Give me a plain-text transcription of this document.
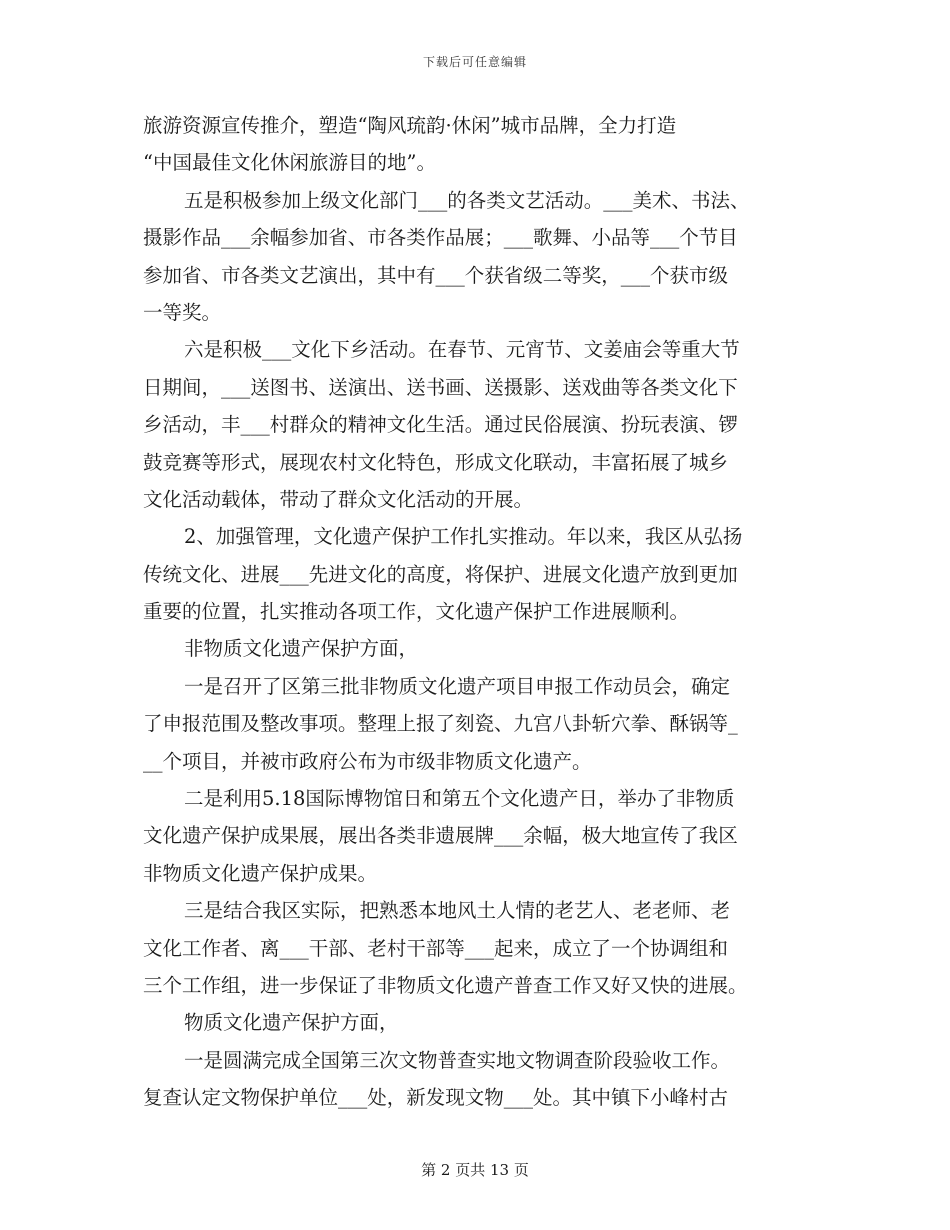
下载后可任意编辑
旅游资源宣传推介，塑造“陶风琉韵·休闲”城市品牌，全力打造
“中国最佳文化休闲旅游目的地”。
五是积极参加上级文化部门___的各类文艺活动。___美术、书法、
摄影作品___余幅参加省、市各类作品展；___歌舞、小品等___个节目
参加省、市各类文艺演出，其中有___个获省级二等奖，___个获市级
一等奖。
六是积极___文化下乡活动。在春节、元宵节、文姜庙会等重大节
日期间，___送图书、送演出、送书画、送摄影、送戏曲等各类文化下
乡活动，丰___村群众的精神文化生活。通过民俗展演、扮玩表演、锣
鼓竞赛等形式，展现农村文化特色，形成文化联动，丰富拓展了城乡
文化活动载体，带动了群众文化活动的开展。
2、加强管理，文化遗产保护工作扎实推动。年以来，我区从弘扬
传统文化、进展___先进文化的高度，将保护、进展文化遗产放到更加
重要的位置，扎实推动各项工作，文化遗产保护工作进展顺利。
非物质文化遗产保护方面，
一是召开了区第三批非物质文化遗产项目申报工作动员会，确定
了申报范围及整改事项。整理上报了刻瓷、九宫八卦斩穴拳、酥锅等_
__个项目，并被市政府公布为市级非物质文化遗产。
二是利用5.18国际博物馆日和第五个文化遗产日，举办了非物质
文化遗产保护成果展，展出各类非遗展牌___余幅，极大地宣传了我区
非物质文化遗产保护成果。
三是结合我区实际，把熟悉本地风土人情的老艺人、老老师、老
文化工作者、离___干部、老村干部等___起来，成立了一个协调组和
三个工作组，进一步保证了非物质文化遗产普查工作又好又快的进展。
物质文化遗产保护方面，
一是圆满完成全国第三次文物普查实地文物调查阶段验收工作。
复查认定文物保护单位___处，新发现文物___处。其中镇下小峰村古
第 2 页共 13 页
